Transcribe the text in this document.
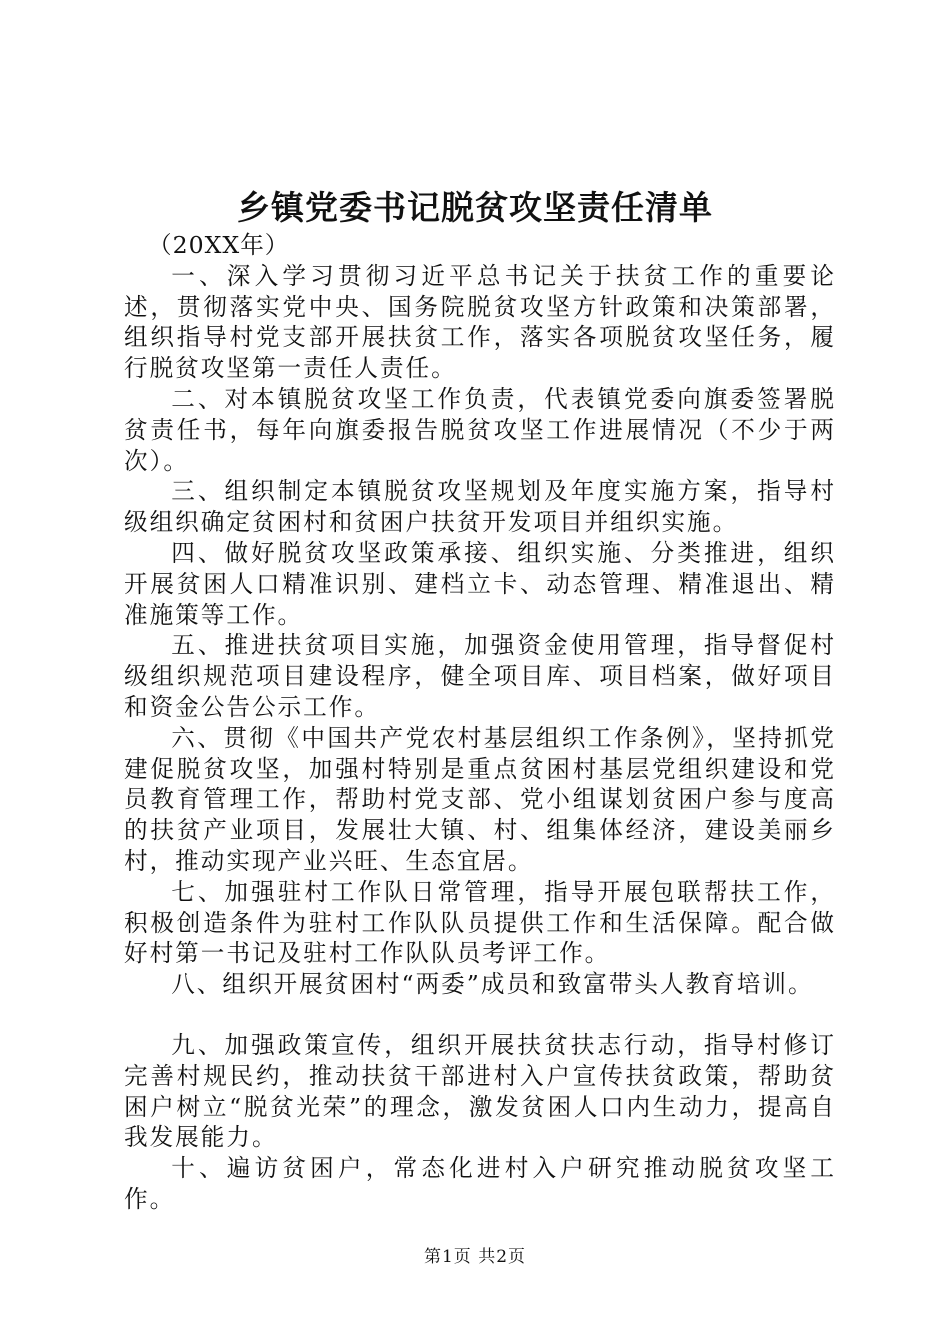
乡镇党委书记脱贫攻坚责任清单

（20XX年）

一、深入学习贯彻习近平总书记关于扶贫工作的重要论述，贯彻落实党中央、国务院脱贫攻坚方针政策和决策部署，组织指导村党支部开展扶贫工作，落实各项脱贫攻坚任务，履行脱贫攻坚第一责任人责任。

二、对本镇脱贫攻坚工作负责，代表镇党委向旗委签署脱贫责任书，每年向旗委报告脱贫攻坚工作进展情况（不少于两次）。

三、组织制定本镇脱贫攻坚规划及年度实施方案，指导村级组织确定贫困村和贫困户扶贫开发项目并组织实施。

四、做好脱贫攻坚政策承接、组织实施、分类推进，组织开展贫困人口精准识别、建档立卡、动态管理、精准退出、精准施策等工作。

五、推进扶贫项目实施，加强资金使用管理，指导督促村级组织规范项目建设程序，健全项目库、项目档案，做好项目和资金公告公示工作。

六、贯彻《中国共产党农村基层组织工作条例》，坚持抓党建促脱贫攻坚，加强村特别是重点贫困村基层党组织建设和党员教育管理工作，帮助村党支部、党小组谋划贫困户参与度高的扶贫产业项目，发展壮大镇、村、组集体经济，建设美丽乡村，推动实现产业兴旺、生态宜居。

七、加强驻村工作队日常管理，指导开展包联帮扶工作，积极创造条件为驻村工作队队员提供工作和生活保障。配合做好村第一书记及驻村工作队队员考评工作。

八、组织开展贫困村“两委”成员和致富带头人教育培训。

九、加强政策宣传，组织开展扶贫扶志行动，指导村修订完善村规民约，推动扶贫干部进村入户宣传扶贫政策，帮助贫困户树立“脱贫光荣”的理念，激发贫困人口内生动力，提高自我发展能力。

十、遍访贫困户，常态化进村入户研究推动脱贫攻坚工作。

第1页 共2页
